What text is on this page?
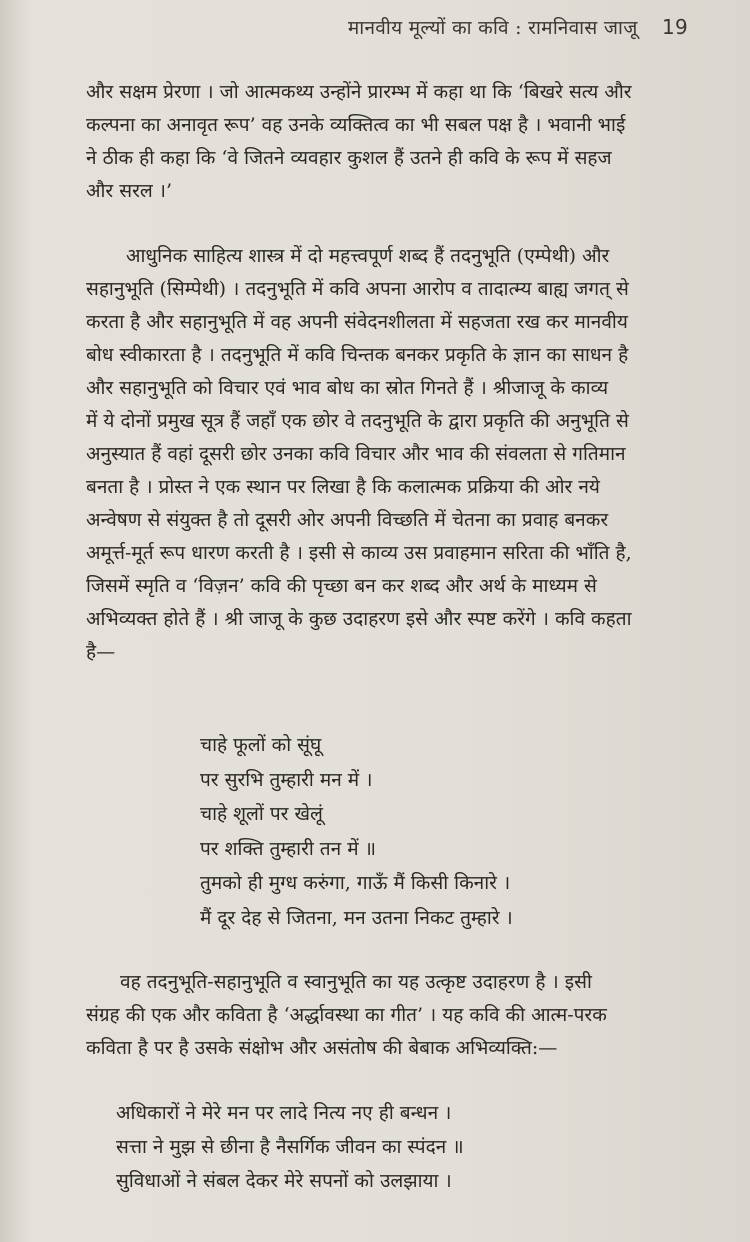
मानवीय मूल्यों का कवि : रामनिवास जाजू 19
और सक्षम प्रेरणा । जो आत्मकथ्य उन्होंने प्रारम्भ में कहा था कि ‘बिखरे सत्य और
कल्पना का अनावृत रूप’ वह उनके व्यक्तित्व का भी सबल पक्ष है । भवानी भाई
ने ठीक ही कहा कि ‘वे जितने व्यवहार कुशल हैं उतने ही कवि के रूप में सहज
और सरल ।’
आधुनिक साहित्य शास्त्र में दो महत्त्वपूर्ण शब्द हैं तदनुभूति (एम्पेथी) और
सहानुभूति (सिम्पेथी) । तदनुभूति में कवि अपना आरोप व तादात्म्य बाह्य जगत् से
करता है और सहानुभूति में वह अपनी संवेदनशीलता में सहजता रख कर मानवीय
बोध स्वीकारता है । तदनुभूति में कवि चिन्तक बनकर प्रकृति के ज्ञान का साधन है
और सहानुभूति को विचार एवं भाव बोध का स्रोत गिनते हैं । श्रीजाजू के काव्य
में ये दोनों प्रमुख सूत्र हैं जहाँ एक छोर वे तदनुभूति के द्वारा प्रकृति की अनुभूति से
अनुस्यात हैं वहां दूसरी छोर उनका कवि विचार और भाव की संवलता से गतिमान
बनता है । प्रोस्त ने एक स्थान पर लिखा है कि कलात्मक प्रक्रिया की ओर नये
अन्वेषण से संयुक्त है तो दूसरी ओर अपनी विच्छति में चेतना का प्रवाह बनकर
अमूर्त्त-मूर्त रूप धारण करती है । इसी से काव्य उस प्रवाहमान सरिता की भाँति है,
जिसमें स्मृति व ‘विज़न’ कवि की पृच्छा बन कर शब्द और अर्थ के माध्यम से
अभिव्यक्त होते हैं । श्री जाजू के कुछ उदाहरण इसे और स्पष्ट करेंगे । कवि कहता
है—
चाहे फूलों को सूंघू
पर सुरभि तुम्हारी मन में ।
चाहे शूलों पर खेलूं
पर शक्ति तुम्हारी तन में ॥
तुमको ही मुग्ध करुंगा, गाऊँ मैं किसी किनारे ।
मैं दूर देह से जितना, मन उतना निकट तुम्हारे ।
वह तदनुभूति-सहानुभूति व स्वानुभूति का यह उत्कृष्ट उदाहरण है । इसी
संग्रह की एक और कविता है ‘अर्द्धावस्था का गीत’ । यह कवि की आत्म-परक
कविता है पर है उसके संक्षोभ और असंतोष की बेबाक अभिव्यक्ति:—
अधिकारों ने मेरे मन पर लादे नित्य नए ही बन्धन ।
सत्ता ने मुझ से छीना है नैसर्गिक जीवन का स्पंदन ॥
सुविधाओं ने संबल देकर मेरे सपनों को उलझाया ।
